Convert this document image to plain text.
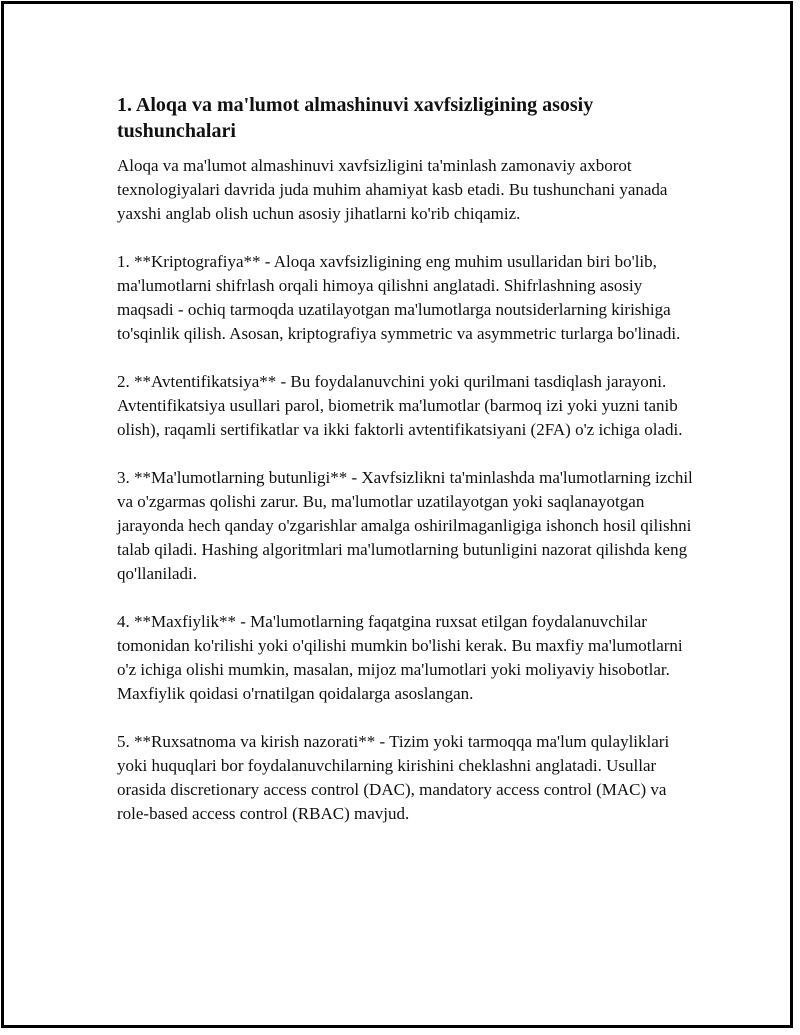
1. Aloqa va ma'lumot almashinuvi xavfsizligining asosiy tushunchalari

Aloqa va ma'lumot almashinuvi xavfsizligini ta'minlash zamonaviy axborot texnologiyalari davrida juda muhim ahamiyat kasb etadi. Bu tushunchani yanada yaxshi anglab olish uchun asosiy jihatlarni ko'rib chiqamiz.

1. **Kriptografiya** - Aloqa xavfsizligining eng muhim usullaridan biri bo'lib, ma'lumotlarni shifrlash orqali himoya qilishni anglatadi. Shifrlashning asosiy maqsadi - ochiq tarmoqda uzatilayotgan ma'lumotlarga noutsiderlarning kirishiga to'sqinlik qilish. Asosan, kriptografiya symmetric va asymmetric turlarga bo'linadi.

2. **Avtentifikatsiya** - Bu foydalanuvchini yoki qurilmani tasdiqlash jarayoni. Avtentifikatsiya usullari parol, biometrik ma'lumotlar (barmoq izi yoki yuzni tanib olish), raqamli sertifikatlar va ikki faktorli avtentifikatsiyani (2FA) o'z ichiga oladi.

3. **Ma'lumotlarning butunligi** - Xavfsizlikni ta'minlashda ma'lumotlarning izchil va o'zgarmas qolishi zarur. Bu, ma'lumotlar uzatilayotgan yoki saqlanayotgan jarayonda hech qanday o'zgarishlar amalga oshirilmaganligiga ishonch hosil qilishni talab qiladi. Hashing algoritmlari ma'lumotlarning butunligini nazorat qilishda keng qo'llaniladi.

4. **Maxfiylik** - Ma'lumotlarning faqatgina ruxsat etilgan foydalanuvchilar tomonidan ko'rilishi yoki o'qilishi mumkin bo'lishi kerak. Bu maxfiy ma'lumotlarni o'z ichiga olishi mumkin, masalan, mijoz ma'lumotlari yoki moliyaviy hisobotlar. Maxfiylik qoidasi o'rnatilgan qoidalarga asoslangan.

5. **Ruxsatnoma va kirish nazorati** - Tizim yoki tarmoqqa ma'lum qulayliklari yoki huquqlari bor foydalanuvchilarning kirishini cheklashni anglatadi. Usullar orasida discretionary access control (DAC), mandatory access control (MAC) va role-based access control (RBAC) mavjud.
